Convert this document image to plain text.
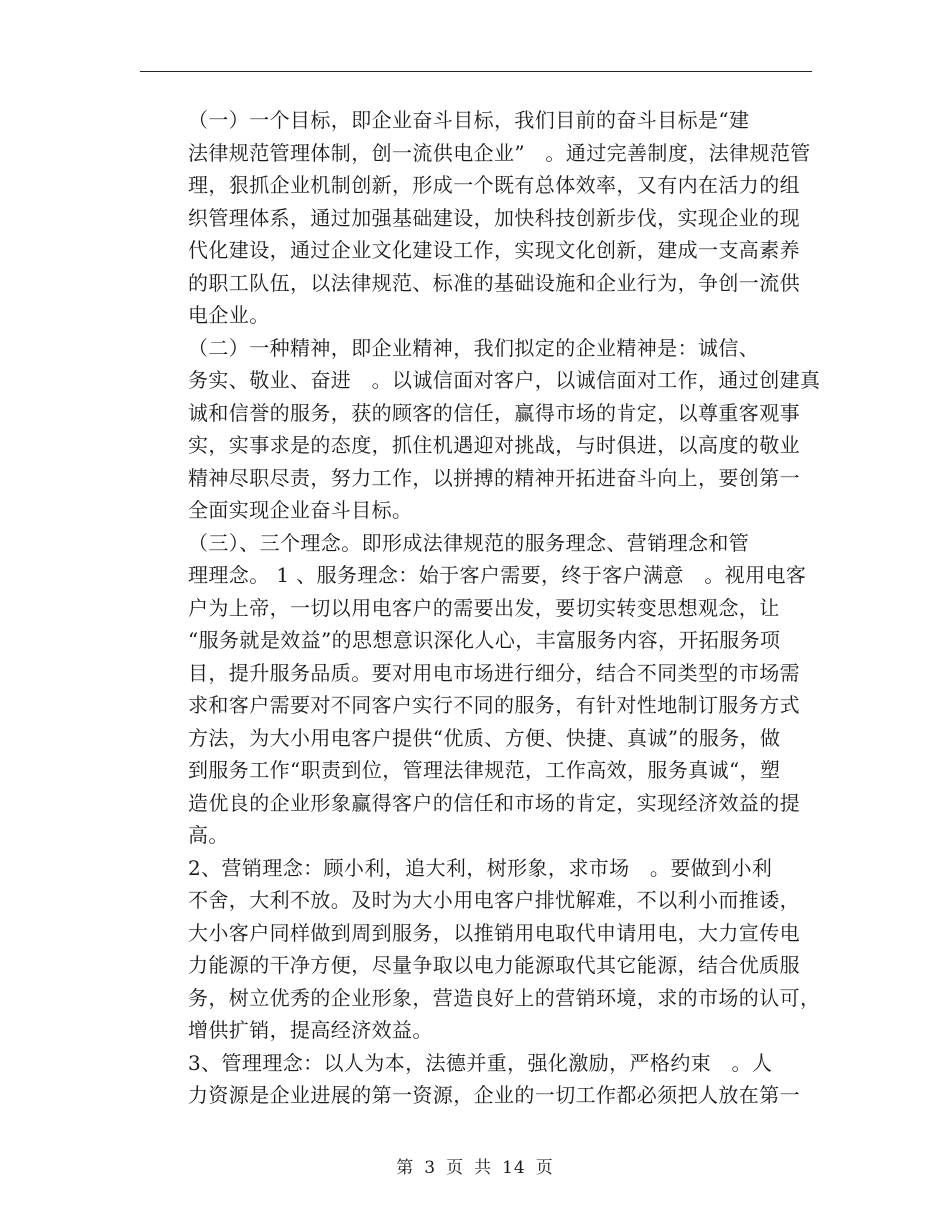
（一）一个目标，即企业奋斗目标，我们目前的奋斗目标是“建
法律规范管理体制，创一流供电企业”　。通过完善制度，法律规范管
理，狠抓企业机制创新，形成一个既有总体效率，又有内在活力的组
织管理体系，通过加强基础建设，加快科技创新步伐，实现企业的现
代化建设，通过企业文化建设工作，实现文化创新，建成一支高素养
的职工队伍，以法律规范、标准的基础设施和企业行为，争创一流供
电企业。

（二）一种精神，即企业精神，我们拟定的企业精神是：诚信、
务实、敬业、奋进　。以诚信面对客户，以诚信面对工作，通过创建真
诚和信誉的服务，获的顾客的信任，赢得市场的肯定，以尊重客观事
实，实事求是的态度，抓住机遇迎对挑战，与时俱进，以高度的敬业
精神尽职尽责，努力工作，以拼搏的精神开拓进奋斗向上，要创第一
全面实现企业奋斗目标。

（三）、三个理念。即形成法律规范的服务理念、营销理念和管
理理念。 1 、服务理念：始于客户需要，终于客户满意　。视用电客
户为上帝，一切以用电客户的需要出发，要切实转变思想观念，让
“服务就是效益”的思想意识深化人心，丰富服务内容，开拓服务项
目，提升服务品质。要对用电市场进行细分，结合不同类型的市场需
求和客户需要对不同客户实行不同的服务，有针对性地制订服务方式
方法，为大小用电客户提供“优质、方便、快捷、真诚”的服务，做
到服务工作“职责到位，管理法律规范，工作高效，服务真诚“，塑
造优良的企业形象赢得客户的信任和市场的肯定，实现经济效益的提
高。

2、营销理念：顾小利，追大利，树形象，求市场　。要做到小利
不舍，大利不放。及时为大小用电客户排忧解难，不以利小而推诿，
大小客户同样做到周到服务，以推销用电取代申请用电，大力宣传电
力能源的干净方便，尽量争取以电力能源取代其它能源，结合优质服
务，树立优秀的企业形象，营造良好上的营销环境，求的市场的认可，
增供扩销，提高经济效益。

3、管理理念：以人为本，法德并重，强化激励，严格约束　。人
力资源是企业进展的第一资源，企业的一切工作都必须把人放在第一

第 3 页 共 14 页
